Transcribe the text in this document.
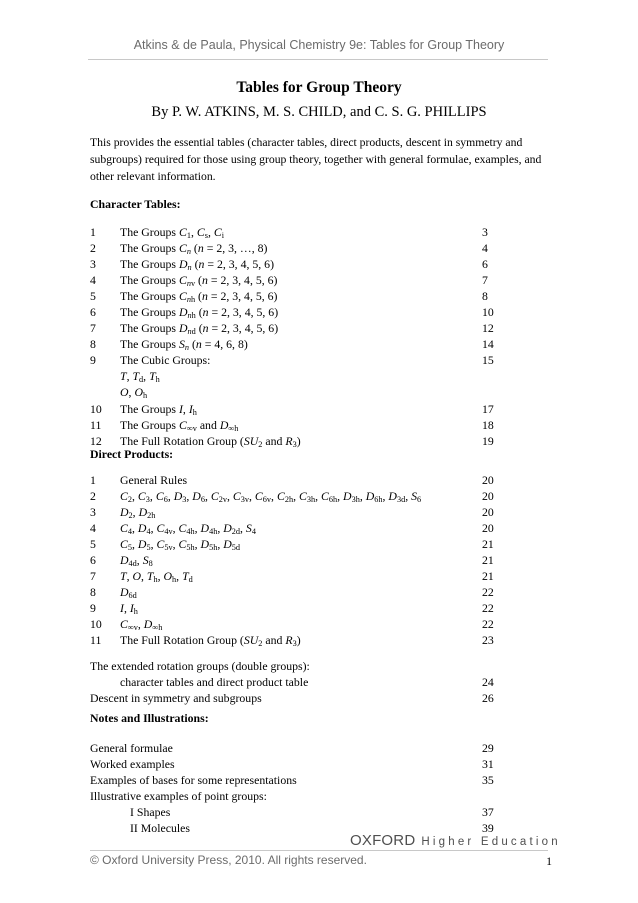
Atkins & de Paula, Physical Chemistry 9e: Tables for Group Theory
Tables for Group Theory
By P. W. ATKINS, M. S. CHILD, and C. S. G. PHILLIPS
This provides the essential tables (character tables, direct products, descent in symmetry and subgroups) required for those using group theory, together with general formulae, examples, and other relevant information.
Character Tables:
1 The Groups $C_1$, $C_s$, $C_i$	3
2 The Groups $C_n$ (n = 2, 3, …, 8)	4
3 The Groups $D_n$ (n = 2, 3, 4, 5, 6)	6
4 The Groups $C_{nv}$ (n = 2, 3, 4, 5, 6)	7
5 The Groups $C_{nh}$ (n = 2, 3, 4, 5, 6)	8
6 The Groups $D_{nh}$ (n = 2, 3, 4, 5, 6)	10
7 The Groups $D_{nd}$ (n = 2, 3, 4, 5, 6)	12
8 The Groups $S_n$ (n = 4, 6, 8)	14
9 The Cubic Groups:	15
T, $T_d$, $T_h$
O, $O_h$
10 The Groups I, $I_h$	17
11 The Groups $C_{\infty v}$ and $D_{\infty h}$	18
12 The Full Rotation Group ($SU_2$ and $R_3$)	19
Direct Products:
1 General Rules	20
2 $C_2$, $C_3$, $C_6$, $D_3$, $D_6$, $C_{2v}$, $C_{3v}$, $C_{6v}$, $C_{2h}$, $C_{3h}$, $C_{6h}$, $D_{3h}$, $D_{6h}$, $D_{3d}$, $S_6$	20
3 $D_2$, $D_{2h}$	20
4 $C_4$, $D_4$, $C_{4v}$, $C_{4h}$, $D_{4h}$, $D_{2d}$, $S_4$	20
5 $C_5$, $D_5$, $C_{5v}$, $C_{5h}$, $D_{5h}$, $D_{5d}$	21
6 $D_{4d}$, $S_8$	21
7 T, O, $T_h$, $O_h$, $T_d$	21
8 $D_{6d}$	22
9 I, $I_h$	22
10 $C_{\infty v}$, $D_{\infty h}$	22
11 The Full Rotation Group ($SU_2$ and $R_3$)	23
The extended rotation groups (double groups):
character tables and direct product table	24
Descent in symmetry and subgroups	26
Notes and Illustrations:
General formulae	29
Worked examples	31
Examples of bases for some representations	35
Illustrative examples of point groups:
I Shapes	37
II Molecules	39
OXFORD Higher Education
© Oxford University Press, 2010. All rights reserved.	1
